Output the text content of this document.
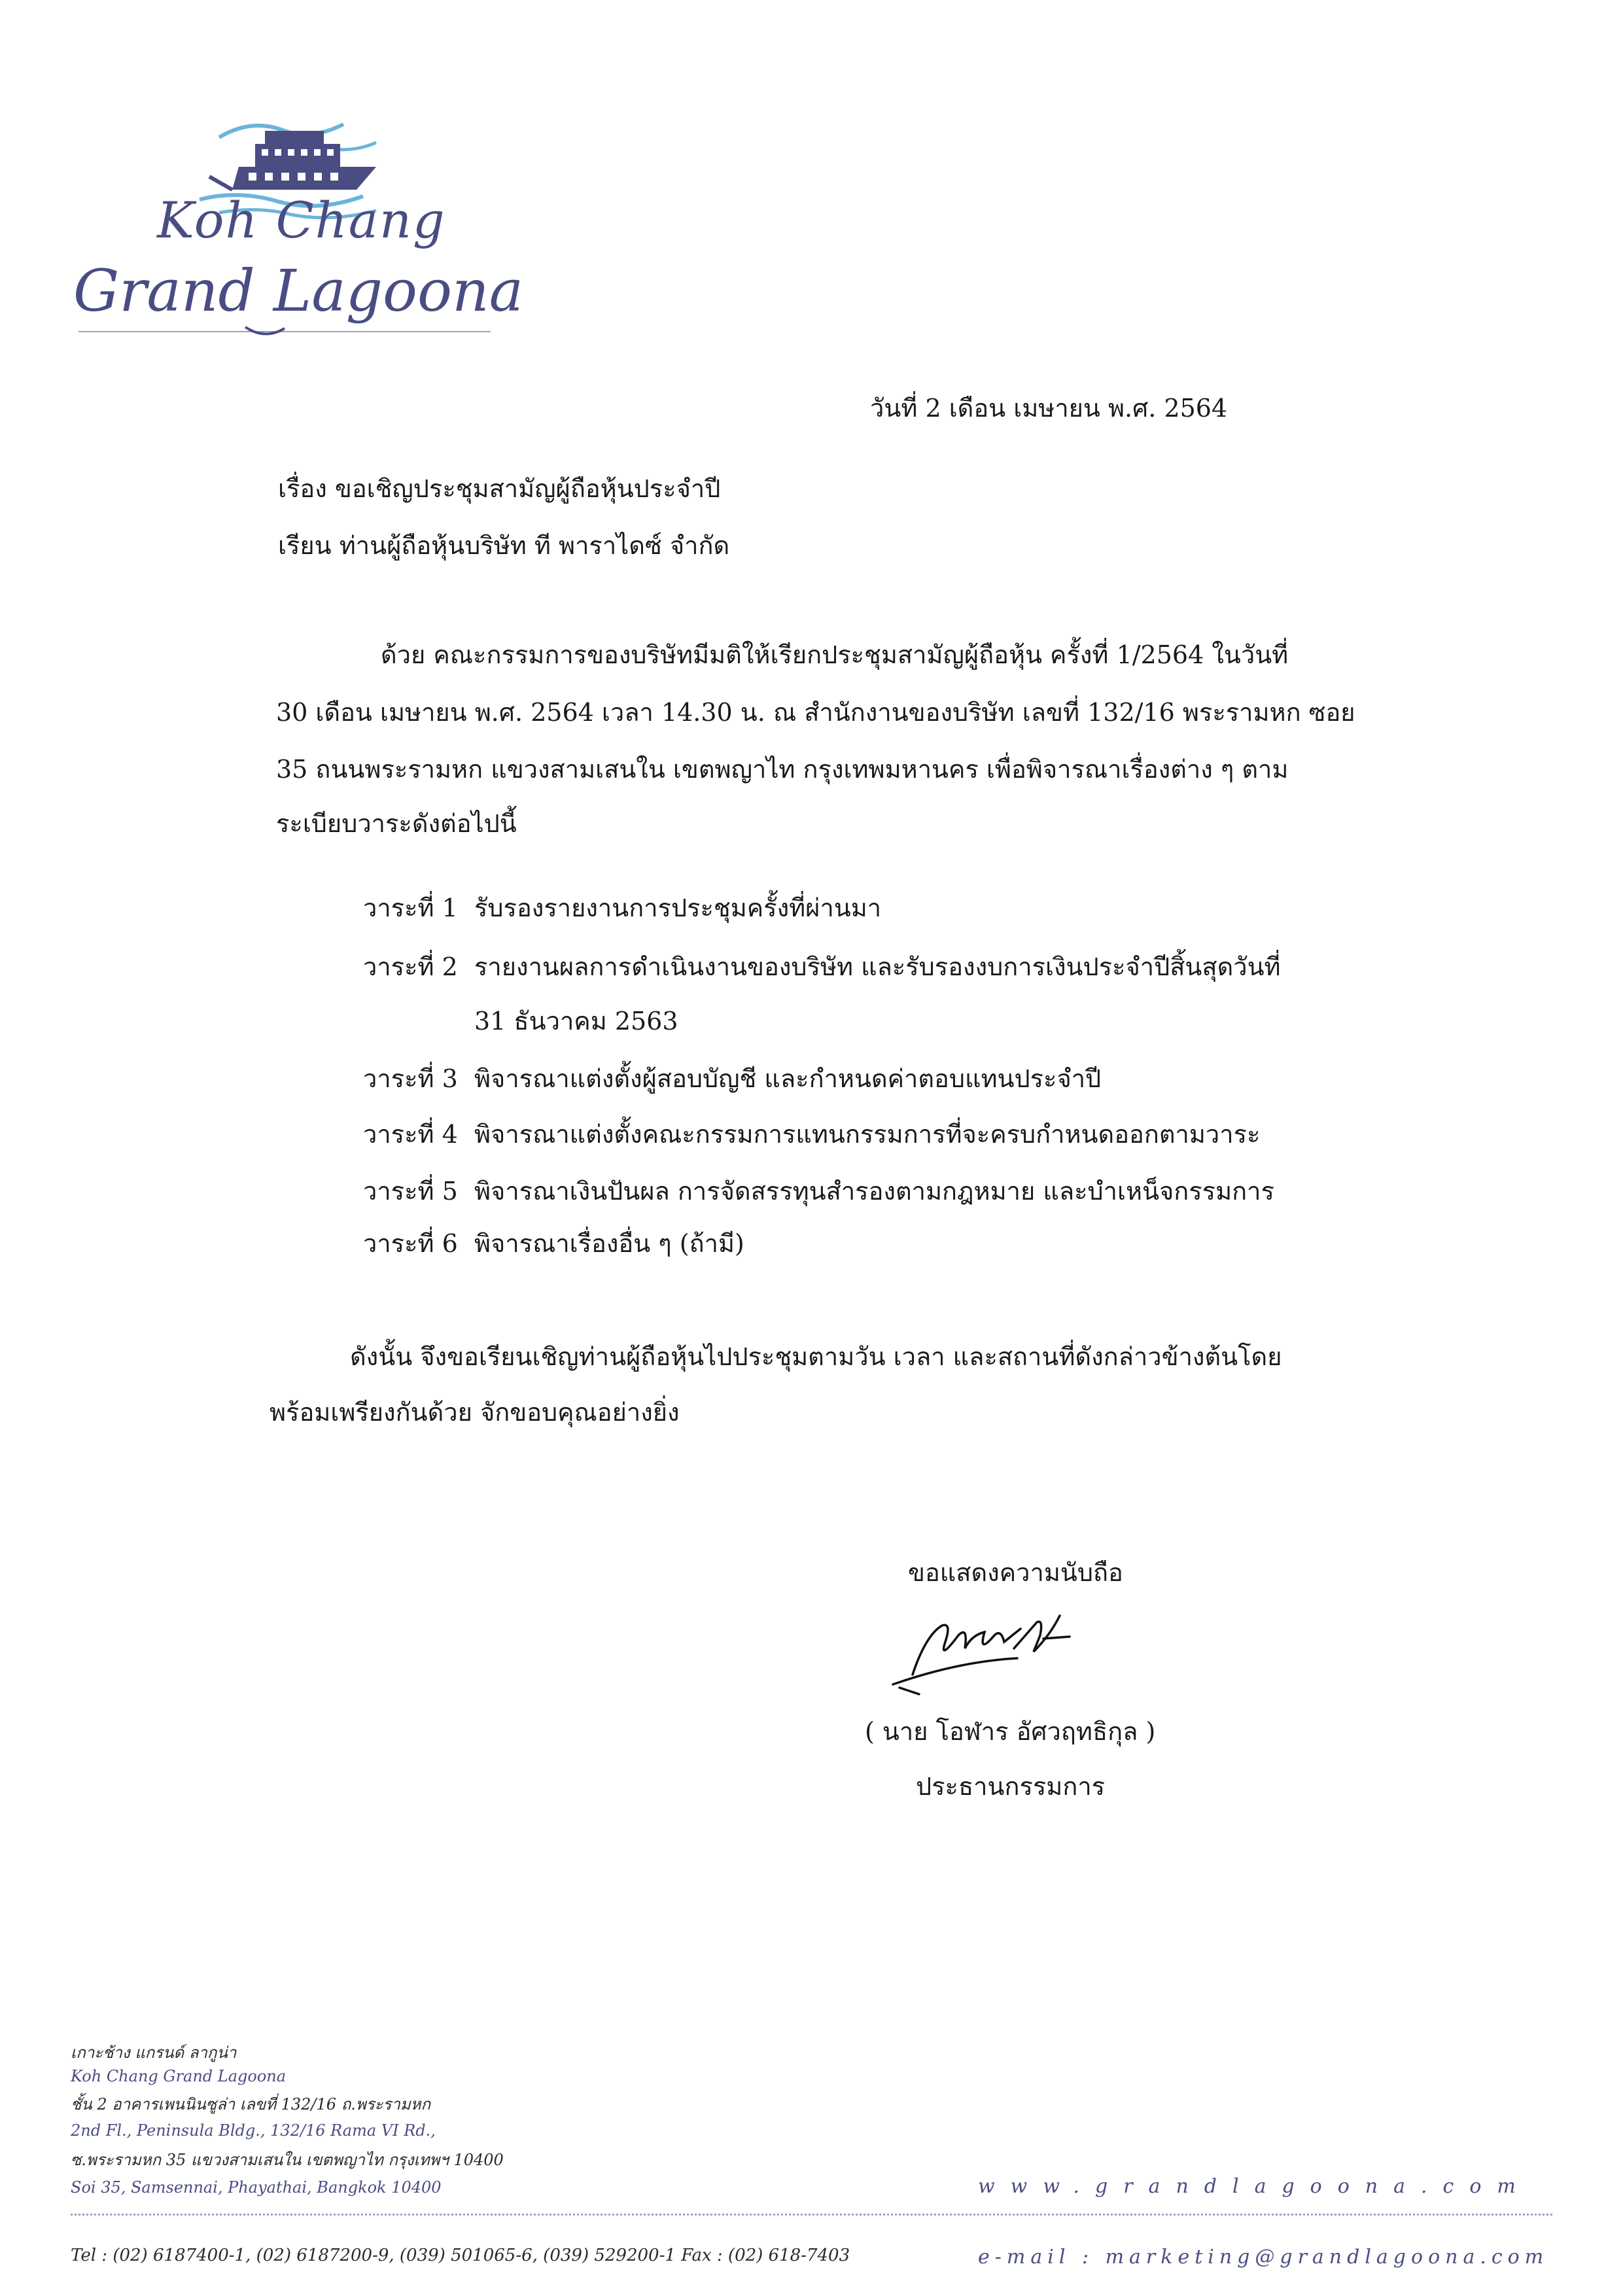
Koh Chang
Grand Lagoona
วันที่ 2 เดือน เมษายน พ.ศ. 2564
เรื่อง ขอเชิญประชุมสามัญผู้ถือหุ้นประจำปี
เรียน ท่านผู้ถือหุ้นบริษัท ที พาราไดซ์ จำกัด
ด้วย คณะกรรมการของบริษัทมีมติให้เรียกประชุมสามัญผู้ถือหุ้น ครั้งที่ 1/2564 ในวันที่
30 เดือน เมษายน พ.ศ. 2564 เวลา 14.30 น. ณ สำนักงานของบริษัท เลขที่ 132/16 พระรามหก ซอย
35 ถนนพระรามหก แขวงสามเสนใน เขตพญาไท กรุงเทพมหานคร เพื่อพิจารณาเรื่องต่าง ๆ ตาม
ระเบียบวาระดังต่อไปนี้
วาระที่ 1 รับรองรายงานการประชุมครั้งที่ผ่านมา
วาระที่ 2 รายงานผลการดำเนินงานของบริษัท และรับรองงบการเงินประจำปีสิ้นสุดวันที่
31 ธันวาคม 2563
วาระที่ 3 พิจารณาแต่งตั้งผู้สอบบัญชี และกำหนดค่าตอบแทนประจำปี
วาระที่ 4 พิจารณาแต่งตั้งคณะกรรมการแทนกรรมการที่จะครบกำหนดออกตามวาระ
วาระที่ 5 พิจารณาเงินปันผล การจัดสรรทุนสำรองตามกฎหมาย และบำเหน็จกรรมการ
วาระที่ 6 พิจารณาเรื่องอื่น ๆ (ถ้ามี)
ดังนั้น จึงขอเรียนเชิญท่านผู้ถือหุ้นไปประชุมตามวัน เวลา และสถานที่ดังกล่าวข้างต้นโดย
พร้อมเพรียงกันด้วย จักขอบคุณอย่างยิ่ง
ขอแสดงความนับถือ
( นาย โอฬาร อัศวฤทธิกุล )
ประธานกรรมการ
เกาะช้าง แกรนด์ ลากูน่า
Koh Chang Grand Lagoona
ชั้น 2 อาคารเพนนินซูล่า เลขที่ 132/16 ถ.พระรามหก
2nd Fl., Peninsula Bldg., 132/16 Rama VI Rd.,
ซ.พระรามหก 35 แขวงสามเสนใน เขตพญาไท กรุงเทพฯ 10400
Soi 35, Samsennai, Phayathai, Bangkok 10400	www.grandlagoona.com
Tel : (02) 6187400-1, (02) 6187200-9, (039) 501065-6, (039) 529200-1 Fax : (02) 618-7403	e-mail : marketing@grandlagoona.com
